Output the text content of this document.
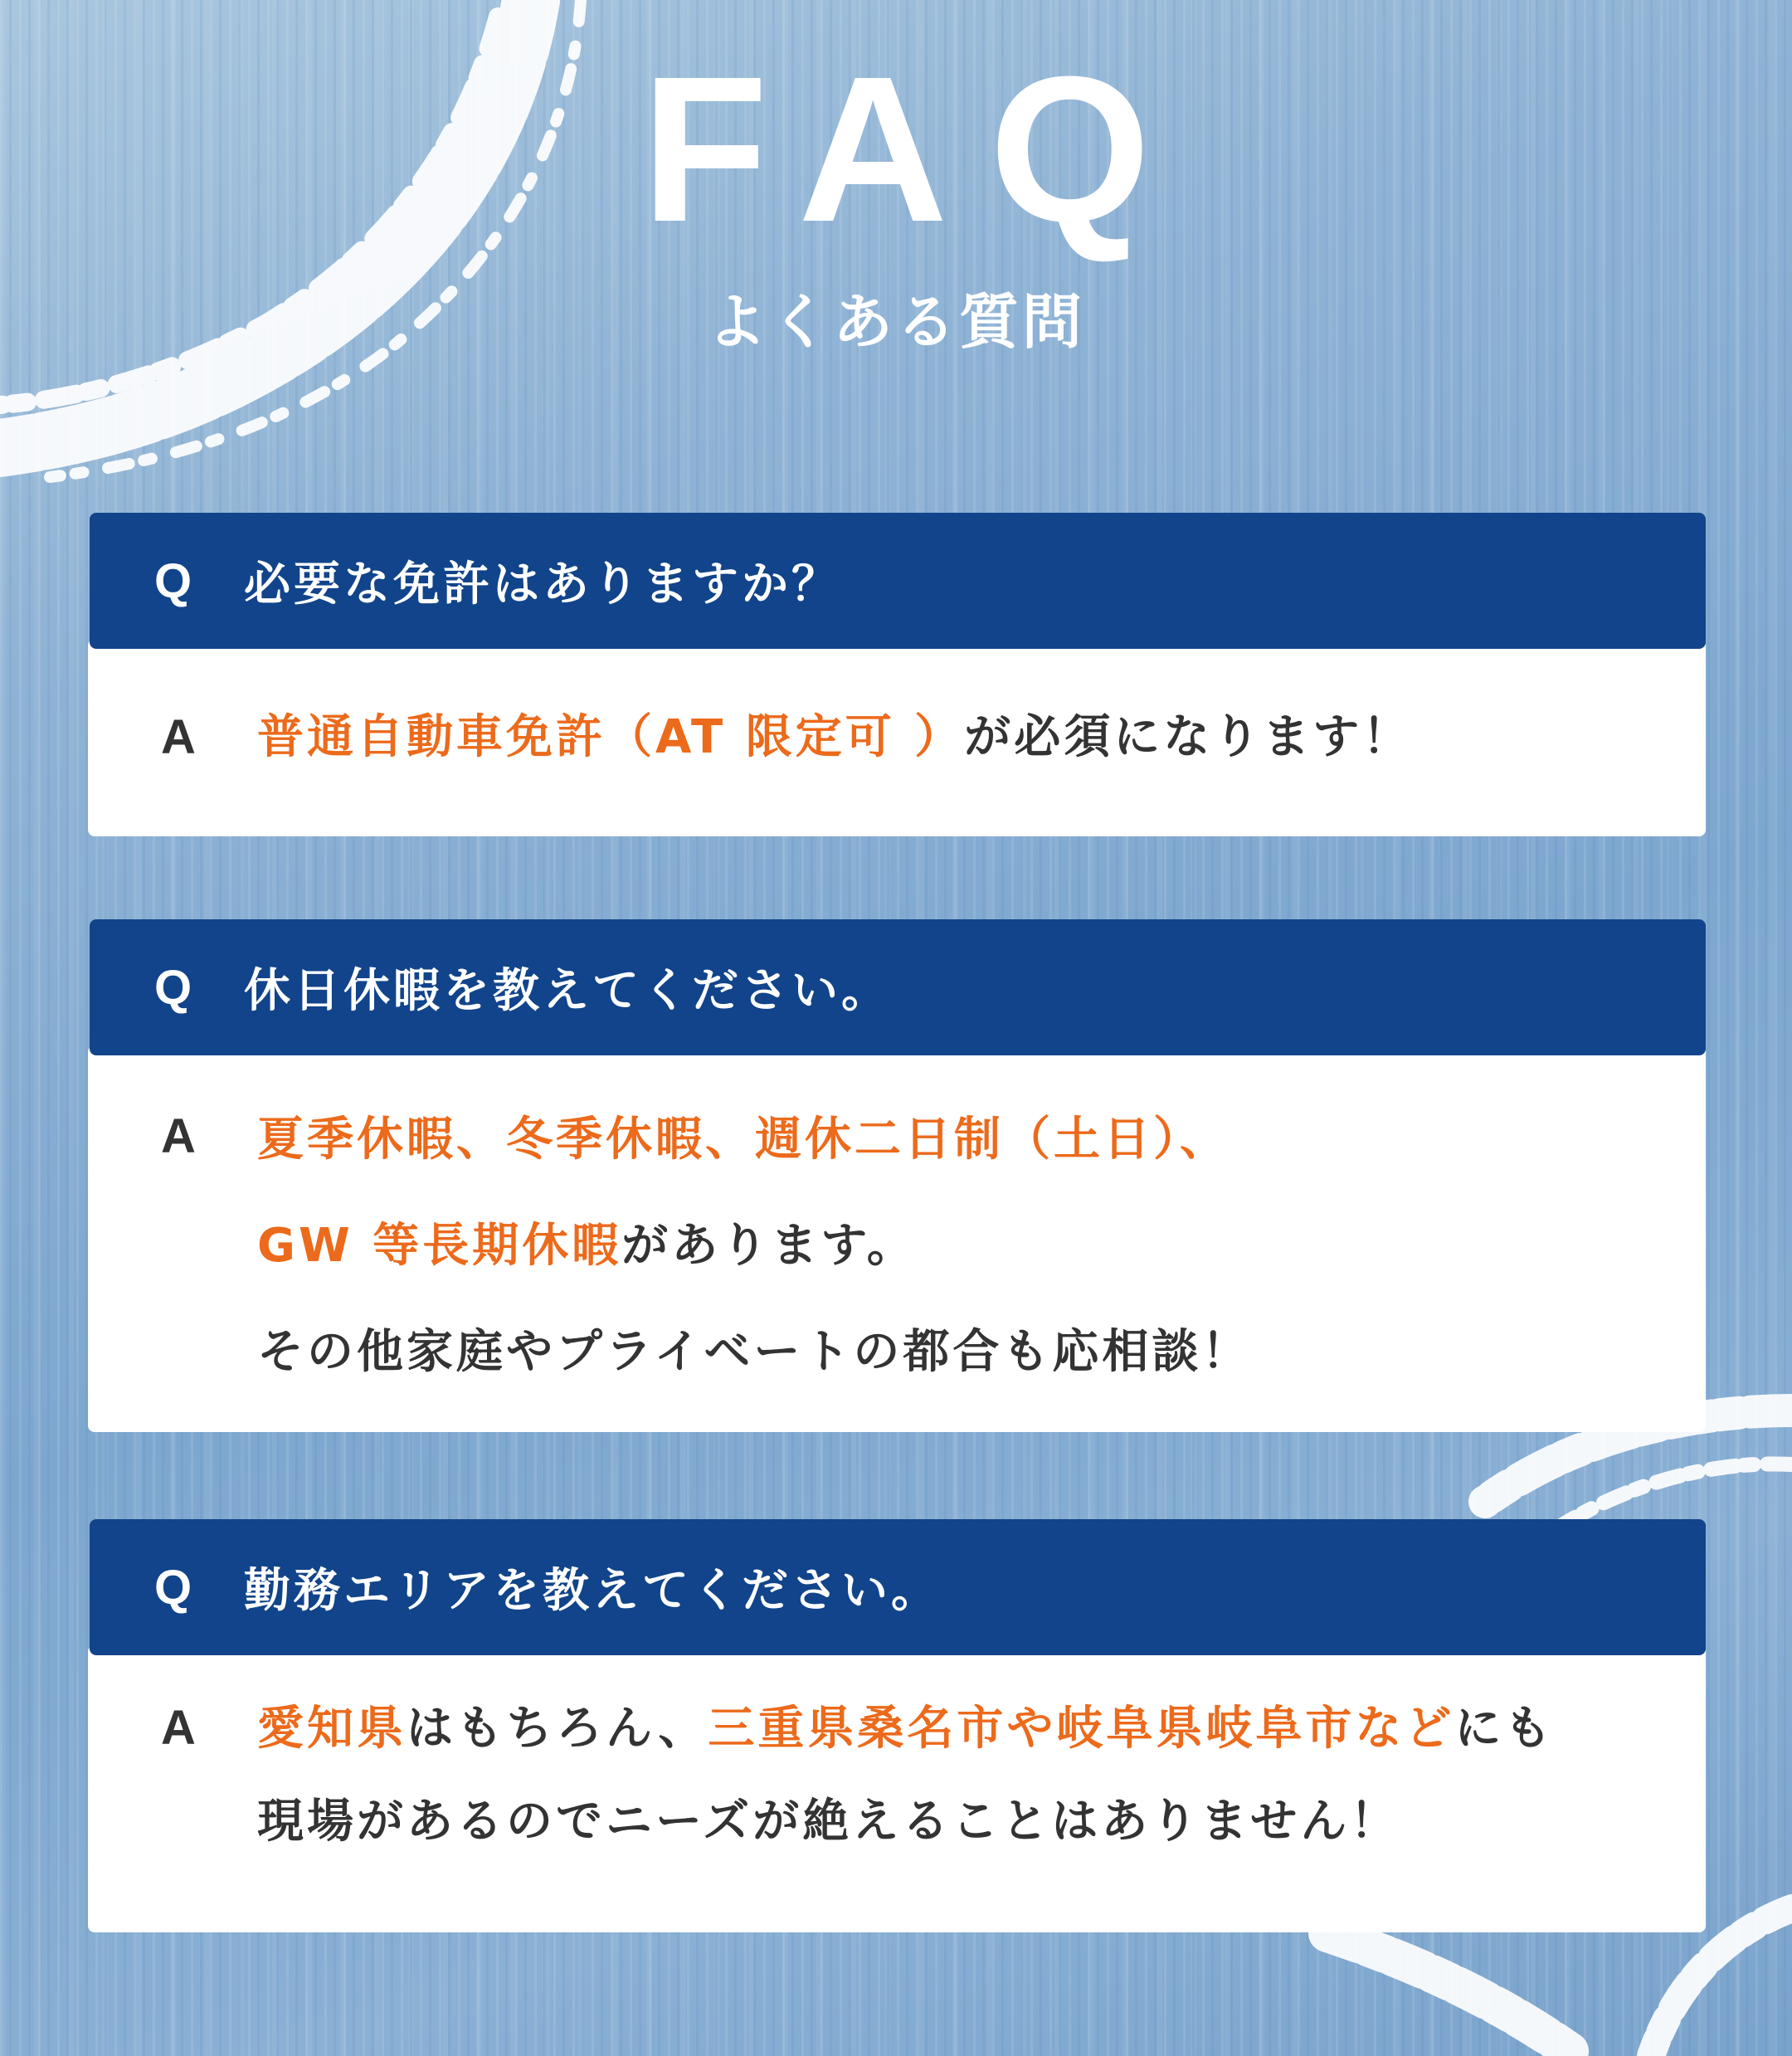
FAQ
よくある質問
Q	必要な免許はありますか？
A	普通自動車免許（AT 限定可 ）が必須になります！
Q	休日休暇を教えてください。
A	夏季休暇、冬季休暇、週休二日制（土日）、
GW 等長期休暇があります。
その他家庭やプライベートの都合も応相談！
Q	勤務エリアを教えてください。
A	愛知県はもちろん、三重県桑名市や岐阜県岐阜市などにも
現場があるのでニーズが絶えることはありません！
